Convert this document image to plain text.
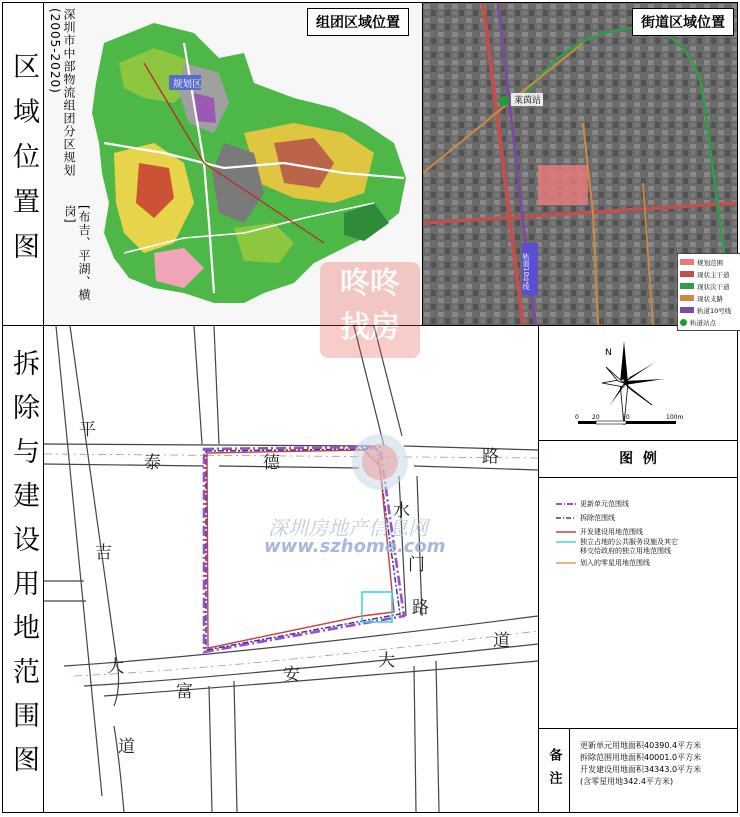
区域位置图
拆除与建设用地范围图
规划区
深圳市中部物流组团分区规划(2005-2020)
[布吉、平湖、横岗]
组团区域位置
莱茵站
轨道10号线
街道区域位置
规划范围
现状主干道
现状次干道
现状支路
轨道10号线
轨道站点
平
吉
大
道
泰	德	路
水
门
路
道
大
安
富
深圳房地产信息网
www.szhome.com
咚咚
找房
N
0 20	50	100m
图  例
更新单元范围线
拆除范围线
开发建设用地范围线
独立占地的公共服务设施及其它
移交给政府的独立用地范围线
划入的零星用地范围线
备注
更新单元用地面积40390.4平方米
拆除范围用地面积40001.0平方米
开发建设用地面积34343.0平方米
(含零星用地342.4平方米)
